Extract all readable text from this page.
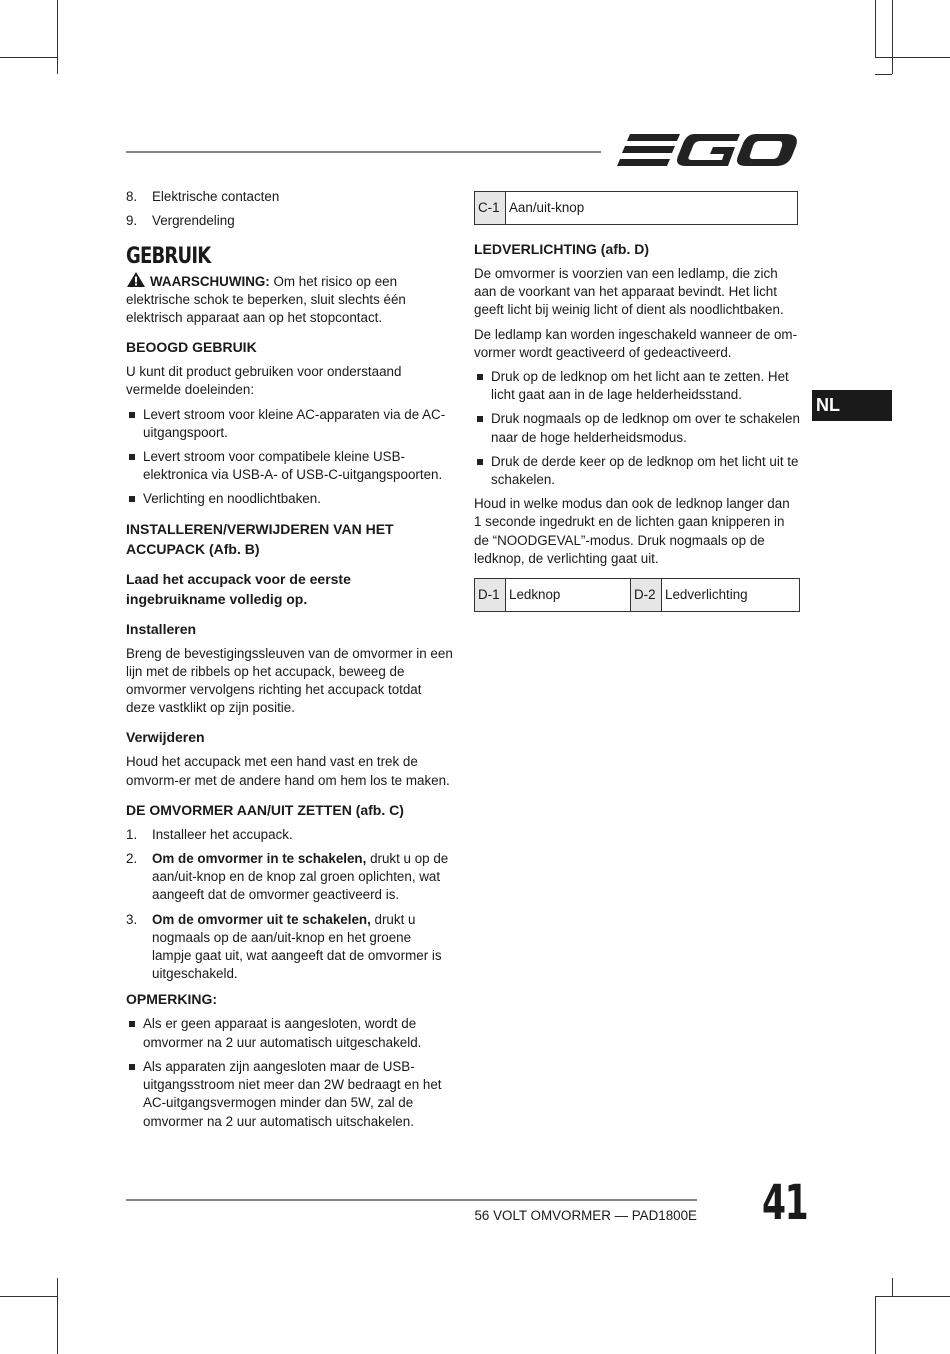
8.	Elektrische contacten
9.	Vergrendeling
GEBRUIK

WAARSCHUWING: Om het risico op een elektrische schok te beperken, sluit slechts één elektrisch apparaat aan op het stopcontact.

BEOOGD GEBRUIK

U kunt dit product gebruiken voor onderstaand vermelde doeleinden:

Levert stroom voor kleine AC-apparaten via de AC-uitgangspoort.
Levert stroom voor compatibele kleine USB-elektronica via USB-A- of USB-C-uitgangspoorten.
Verlichting en noodlichtbaken.
INSTALLEREN/VERWIJDEREN VAN HET ACCUPACK (Afb. B)
Laad het accupack voor de eerste ingebruikname volledig op.
Installeren

Breng de bevestigingssleuven van de omvormer in een lijn met de ribbels op het accupack, beweeg de omvormer vervolgens richting het accupack totdat deze vastklikt op zijn positie.

Verwijderen

Houd het accupack met een hand vast en trek de omvorm-er met de andere hand om hem los te maken.

DE OMVORMER AAN/UIT ZETTEN (afb. C)
1.	Installeer het accupack.
2.	Om de omvormer in te schakelen, drukt u op de aan/uit-knop en de knop zal groen oplichten, wat aangeeft dat de omvormer geactiveerd is.
3.	Om de omvormer uit te schakelen, drukt u nogmaals op de aan/uit-knop en het groene lampje gaat uit, wat aangeeft dat de omvormer is uitgeschakeld.
OPMERKING:
Als er geen apparaat is aangesloten, wordt de omvormer na 2 uur automatisch uitgeschakeld.
Als apparaten zijn aangesloten maar de USB-uitgangsstroom niet meer dan 2W bedraagt en het AC-uitgangsvermogen minder dan 5W, zal de omvormer na 2 uur automatisch uitschakelen.
C-1	Aan/uit-knop
LEDVERLICHTING (afb. D)

De omvormer is voorzien van een ledlamp, die zich aan de voorkant van het apparaat bevindt. Het licht geeft licht bij weinig licht of dient als noodlichtbaken.

De ledlamp kan worden ingeschakeld wanneer de om-vormer wordt geactiveerd of gedeactiveerd.

Druk op de ledknop om het licht aan te zetten. Het licht gaat aan in de lage helderheidsstand.
Druk nogmaals op de ledknop om over te schakelen naar de hoge helderheidsmodus.
Druk de derde keer op de ledknop om het licht uit te schakelen.

Houd in welke modus dan ook de ledknop langer dan 1 seconde ingedrukt en de lichten gaan knipperen in de “NOODGEVAL”-modus. Druk nogmaals op de ledknop, de verlichting gaat uit.

D-1	Ledknop	D-2	Ledverlichting
NL
56 VOLT OMVORMER — PAD1800E 41
